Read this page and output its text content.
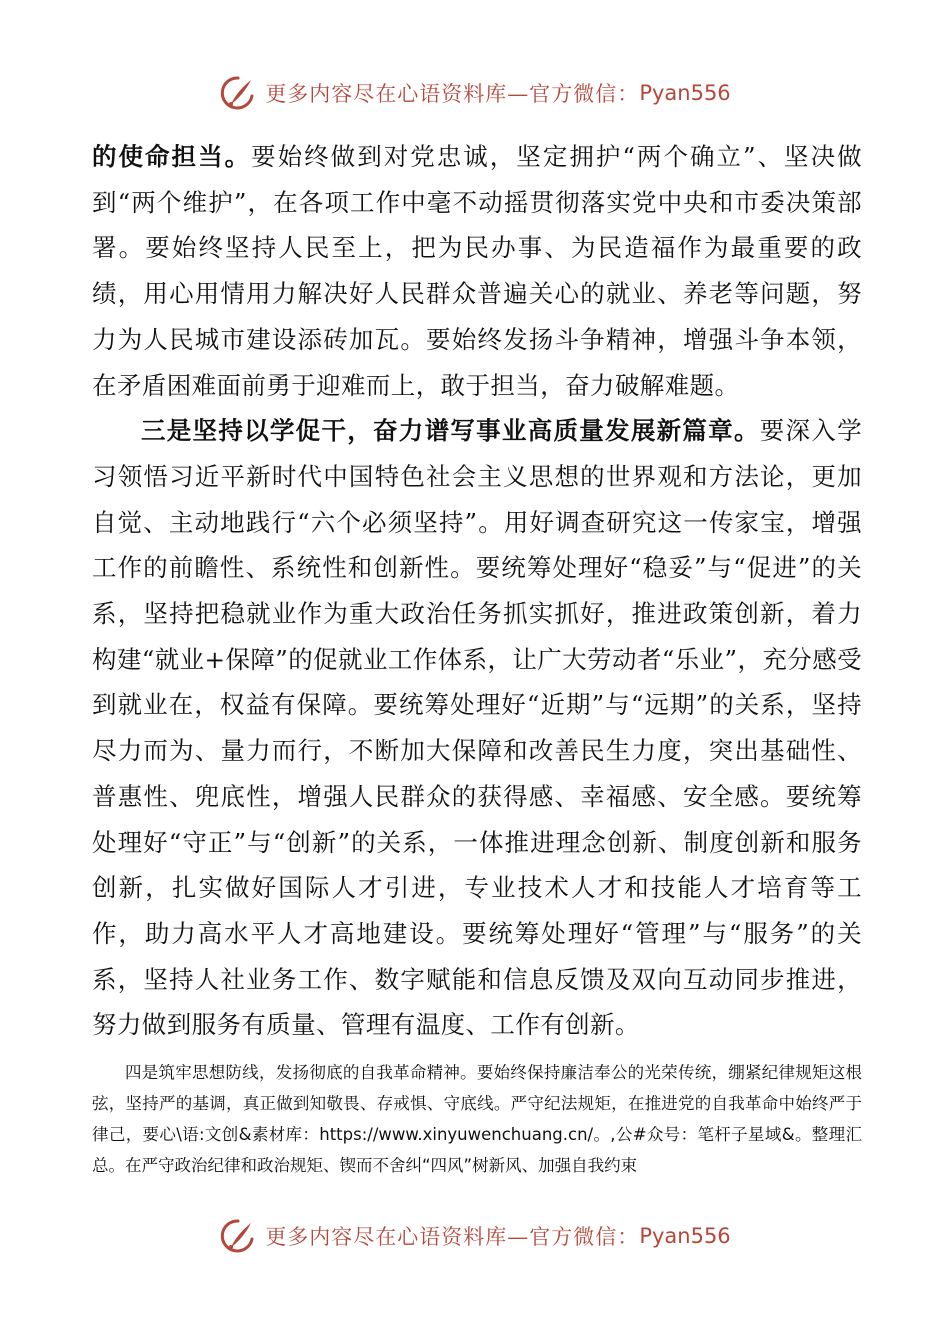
更多内容尽在心语资料库—官方微信： Pyan556

的使命担当。要始终做到对党忠诚，坚定拥护“两个确立”、坚决做到“两个维护”，在各项工作中毫不动摇贯彻落实党中央和市委决策部署。要始终坚持人民至上，把为民办事、为民造福作为最重要的政绩，用心用情用力解决好人民群众普遍关心的就业、养老等问题，努力为人民城市建设添砖加瓦。要始终发扬斗争精神，增强斗争本领，在矛盾困难面前勇于迎难而上，敢于担当，奋力破解难题。

三是坚持以学促干，奋力谱写事业高质量发展新篇章。要深入学习领悟习近平新时代中国特色社会主义思想的世界观和方法论，更加自觉、主动地践行“六个必须坚持”。用好调查研究这一传家宝，增强工作的前瞻性、系统性和创新性。要统筹处理好“稳妥”与“促进”的关系，坚持把稳就业作为重大政治任务抓实抓好，推进政策创新，着力构建“就业+保障”的促就业工作体系，让广大劳动者“乐业”，充分感受到就业在，权益有保障。要统筹处理好“近期”与“远期”的关系，坚持尽力而为、量力而行，不断加大保障和改善民生力度，突出基础性、普惠性、兜底性，增强人民群众的获得感、幸福感、安全感。要统筹处理好“守正”与“创新”的关系，一体推进理念创新、制度创新和服务创新，扎实做好国际人才引进，专业技术人才和技能人才培育等工作，助力高水平人才高地建设。要统筹处理好“管理”与“服务”的关系，坚持人社业务工作、数字赋能和信息反馈及双向互动同步推进，努力做到服务有质量、管理有温度、工作有创新。

四是筑牢思想防线，发扬彻底的自我革命精神。要始终保持廉洁奉公的光荣传统，绷紧纪律规矩这根弦，坚持严的基调，真正做到知敬畏、存戒惧、守底线。严守纪法规矩，在推进党的自我革命中始终严于律己，要心\语:文创&素材库：https://www.xinyuwenchuang.cn/。,公#众号：笔杆子星域&。整理汇总。在严守政治纪律和政治规矩、锲而不舍纠“四风”树新风、加强自我约束

更多内容尽在心语资料库—官方微信： Pyan556
